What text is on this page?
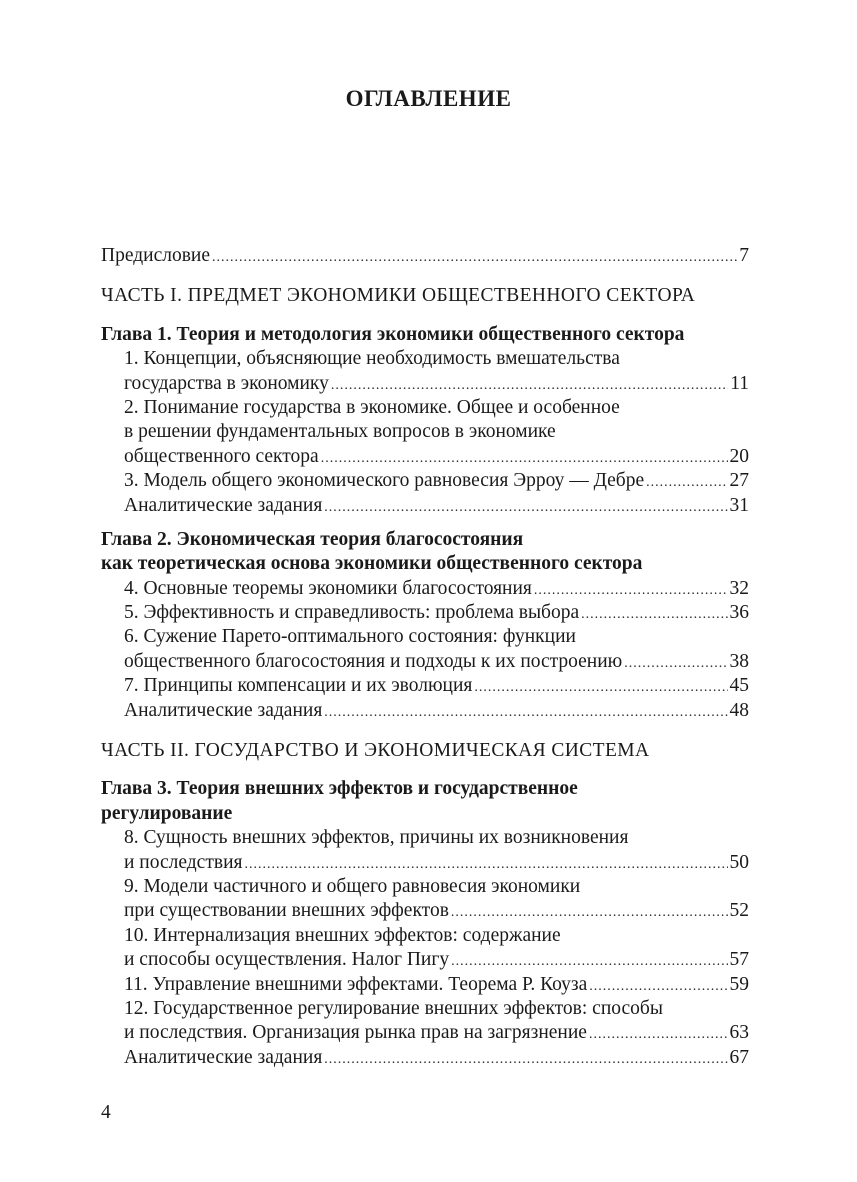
ОГЛАВЛЕНИЕ
Предисловие .....	7
ЧАСТЬ I. ПРЕДМЕТ ЭКОНОМИКИ ОБЩЕСТВЕННОГО СЕКТОРА
Глава 1. Теория и методология экономики общественного сектора
1. Концепции, объясняющие необходимость вмешательства
государства в экономику .....	11
2. Понимание государства в экономике. Общее и особенное
в решении фундаментальных вопросов в экономике
общественного сектора .....	20
3. Модель общего экономического равновесия Эрроу — Дебре .....	27
Аналитические задания .....	31
Глава 2. Экономическая теория благосостояния
как теоретическая основа экономики общественного сектора
4. Основные теоремы экономики благосостояния .....	32
5. Эффективность и справедливость: проблема выбора .....	36
6. Сужение Парето-оптимального состояния: функции
общественного благосостояния и подходы к их построению .....	38
7. Принципы компенсации и их эволюция .....	45
Аналитические задания .....	48
ЧАСТЬ II. ГОСУДАРСТВО И ЭКОНОМИЧЕСКАЯ СИСТЕМА
Глава 3. Теория внешних эффектов и государственное
регулирование
8. Сущность внешних эффектов, причины их возникновения
и последствия .....	50
9. Модели частичного и общего равновесия экономики
при существовании внешних эффектов .....	52
10. Интернализация внешних эффектов: содержание
и способы осуществления. Налог Пигу .....	57
11. Управление внешними эффектами. Теорема Р. Коуза .....	59
12. Государственное регулирование внешних эффектов: способы
и последствия. Организация рынка прав на загрязнение .....	63
Аналитические задания .....	67
4
